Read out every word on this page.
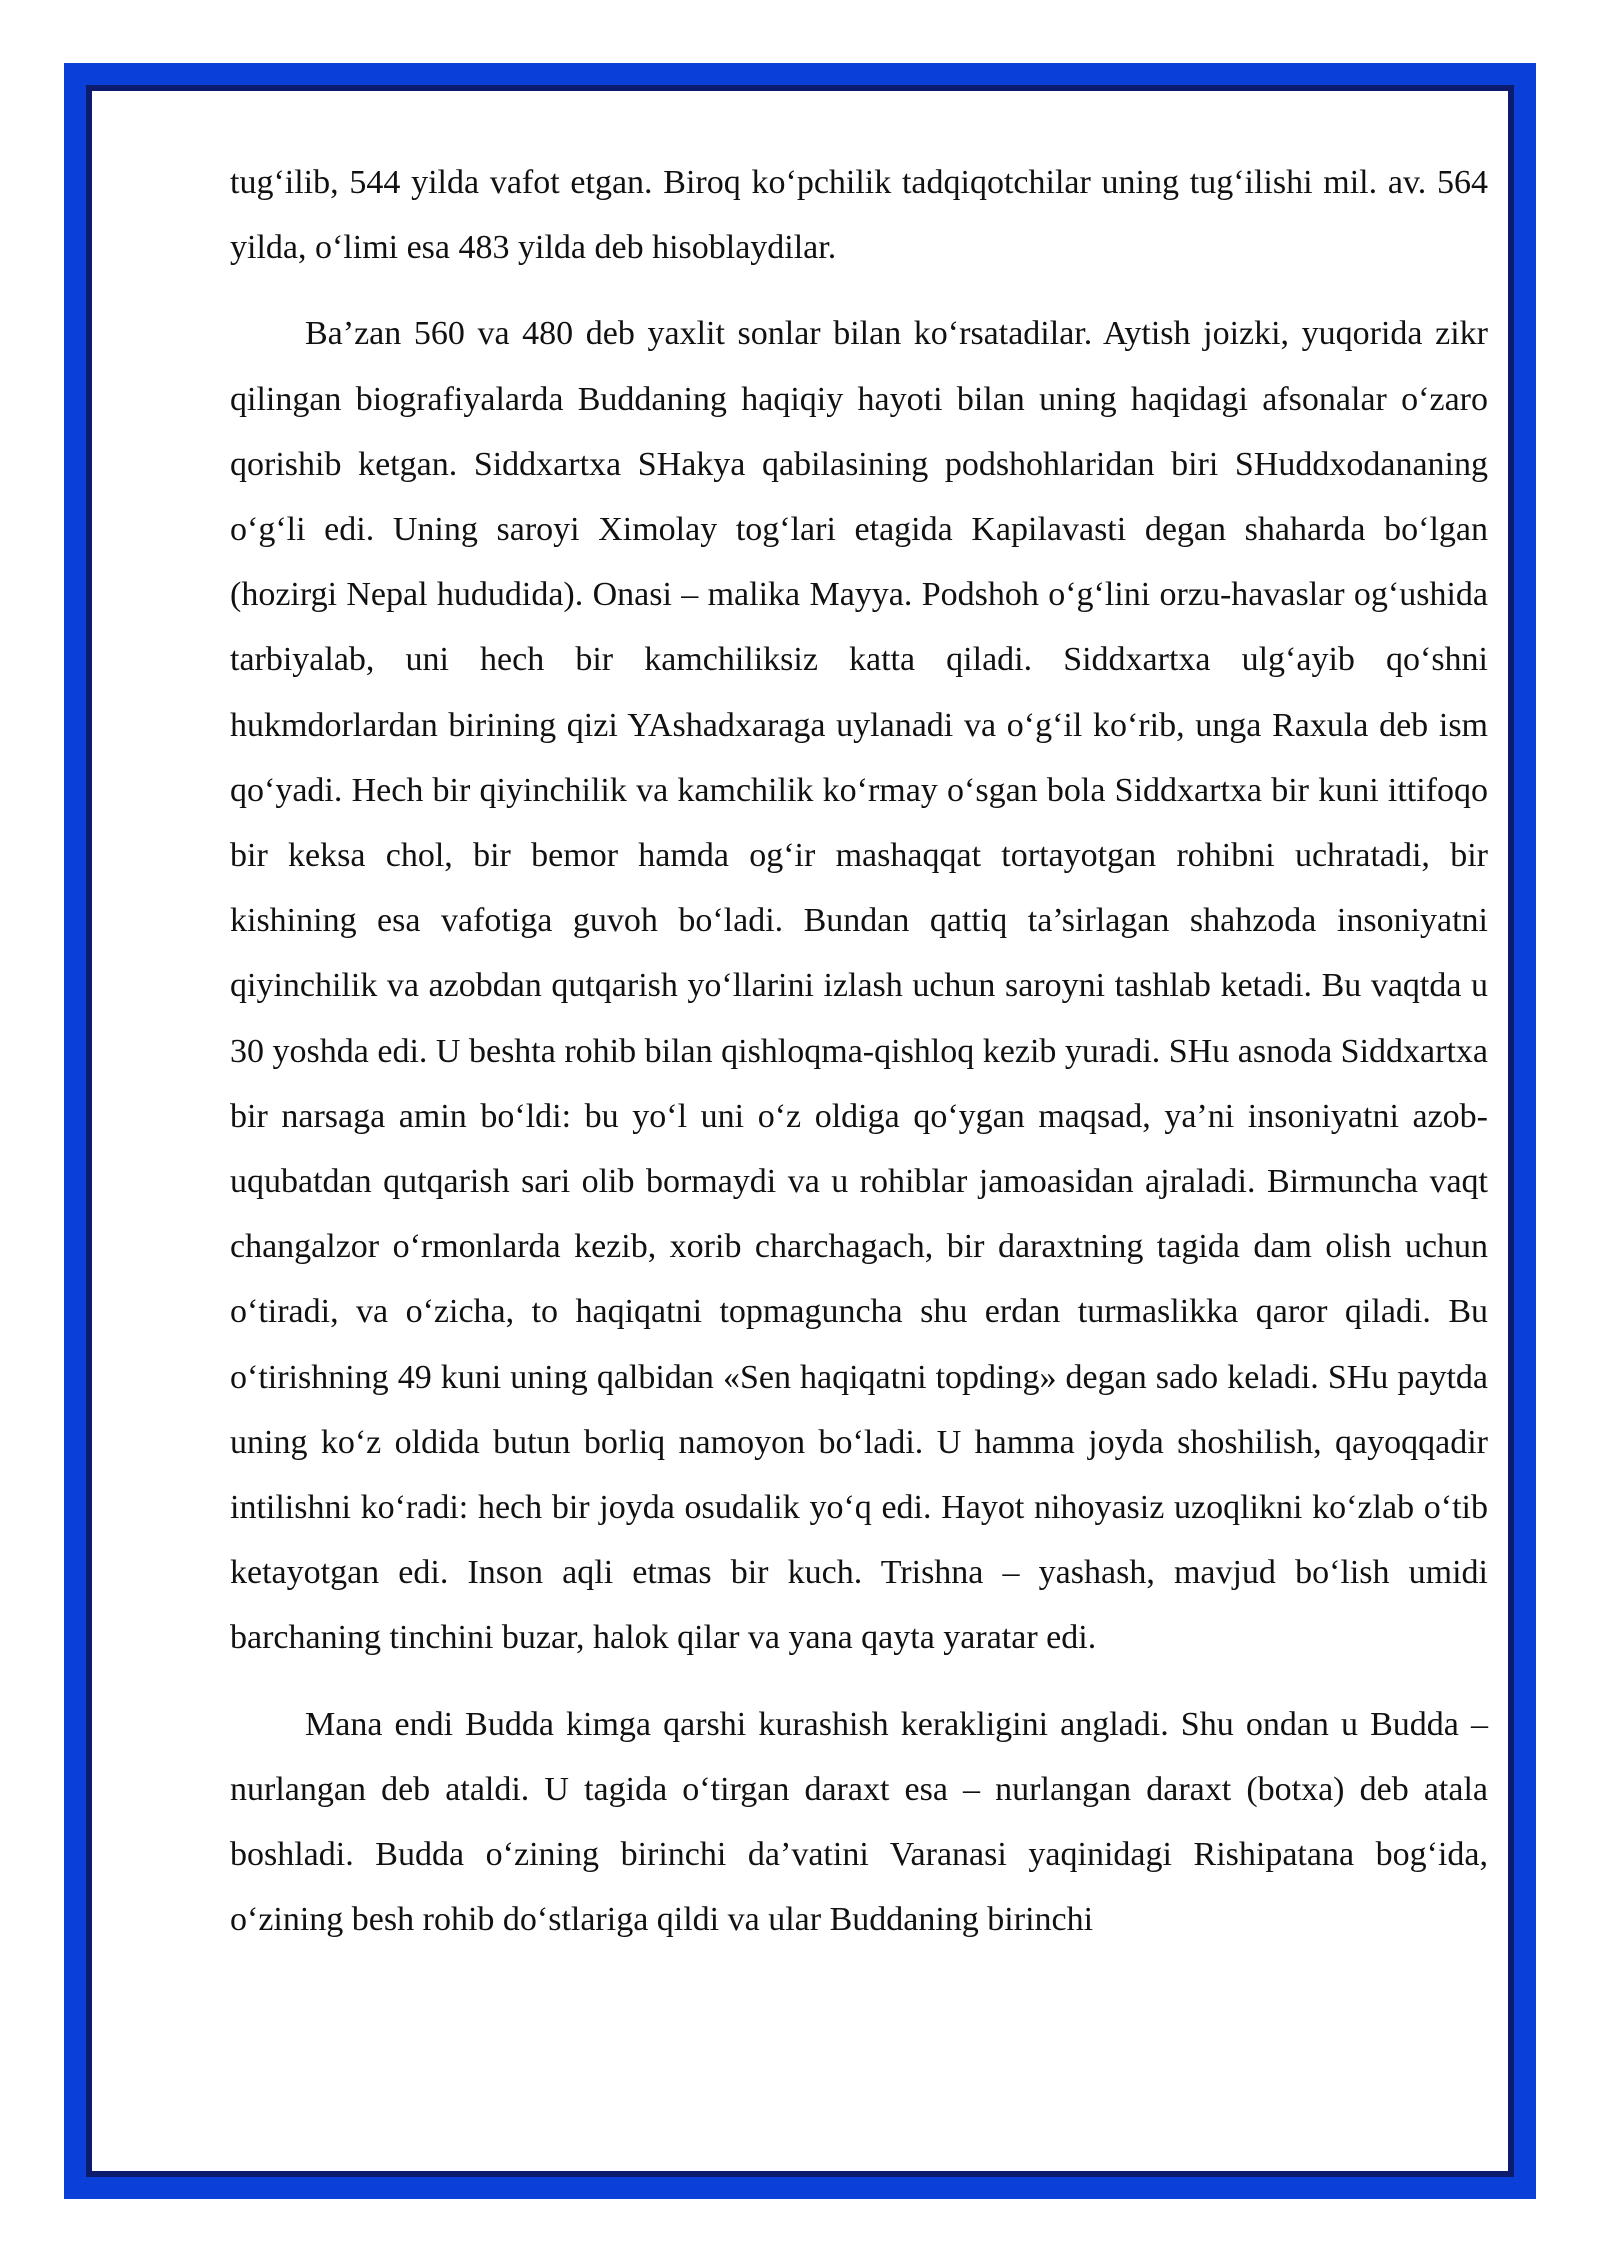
tug‘ilib, 544 yilda vafot etgan. Biroq ko‘pchilik tadqiqotchilar uning tug‘ilishi mil. av. 564 yilda, o‘limi esa 483 yilda deb hisoblaydilar.

Ba’zan 560 va 480 deb yaxlit sonlar bilan ko‘rsatadilar. Aytish joizki, yuqorida zikr qilingan biografiyalarda Buddaning haqiqiy hayoti bilan uning haqidagi afsonalar o‘zaro qorishib ketgan. Siddxartxa SHakya qabilasining podshohlaridan biri SHuddxodananing o‘g‘li edi. Uning saroyi Ximolay tog‘lari etagida Kapilavasti degan shaharda bo‘lgan (hozirgi Nepal hududida). Onasi – malika Mayya. Podshoh o‘g‘lini orzu-havaslar og‘ushida tarbiyalab, uni hech bir kamchiliksiz katta qiladi. Siddxartxa ulg‘ayib qo‘shni hukmdorlardan birining qizi YAshadxaraga uylanadi va o‘g‘il ko‘rib, unga Raxula deb ism qo‘yadi. Hech bir qiyinchilik va kamchilik ko‘rmay o‘sgan bola Siddxartxa bir kuni ittifoqo bir keksa chol, bir bemor hamda og‘ir mashaqqat tortayotgan rohibni uchratadi, bir kishining esa vafotiga guvoh bo‘ladi. Bundan qattiq ta’sirlagan shahzoda insoniyatni qiyinchilik va azobdan qutqarish yo‘llarini izlash uchun saroyni tashlab ketadi. Bu vaqtda u 30 yoshda edi. U beshta rohib bilan qishloqma-qishloq kezib yuradi. SHu asnoda Siddxartxa bir narsaga amin bo‘ldi: bu yo‘l uni o‘z oldiga qo‘ygan maqsad, ya’ni insoniyatni azob-uqubatdan qutqarish sari olib bormaydi va u rohiblar jamoasidan ajraladi. Birmuncha vaqt changalzor o‘rmonlarda kezib, xorib charchagach, bir daraxtning tagida dam olish uchun o‘tiradi, va o‘zicha, to haqiqatni topmaguncha shu erdan turmaslikka qaror qiladi. Bu o‘tirishning 49 kuni uning qalbidan «Sen haqiqatni topding» degan sado keladi. SHu paytda uning ko‘z oldida butun borliq namoyon bo‘ladi. U hamma joyda shoshilish, qayoqqadir intilishni ko‘radi: hech bir joyda osudalik yo‘q edi. Hayot nihoyasiz uzoqlikni ko‘zlab o‘tib ketayotgan edi. Inson aqli etmas bir kuch. Trishna – yashash, mavjud bo‘lish umidi barchaning tinchini buzar, halok qilar va yana qayta yaratar edi.

Mana endi Budda kimga qarshi kurashish kerakligini angladi. Shu ondan u Budda – nurlangan deb ataldi. U tagida o‘tirgan daraxt esa – nurlangan daraxt (botxa) deb atala boshladi. Budda o‘zining birinchi da’vatini Varanasi yaqinidagi Rishipatana bog‘ida, o‘zining besh rohib do‘stlariga qildi va ular Buddaning birinchi
